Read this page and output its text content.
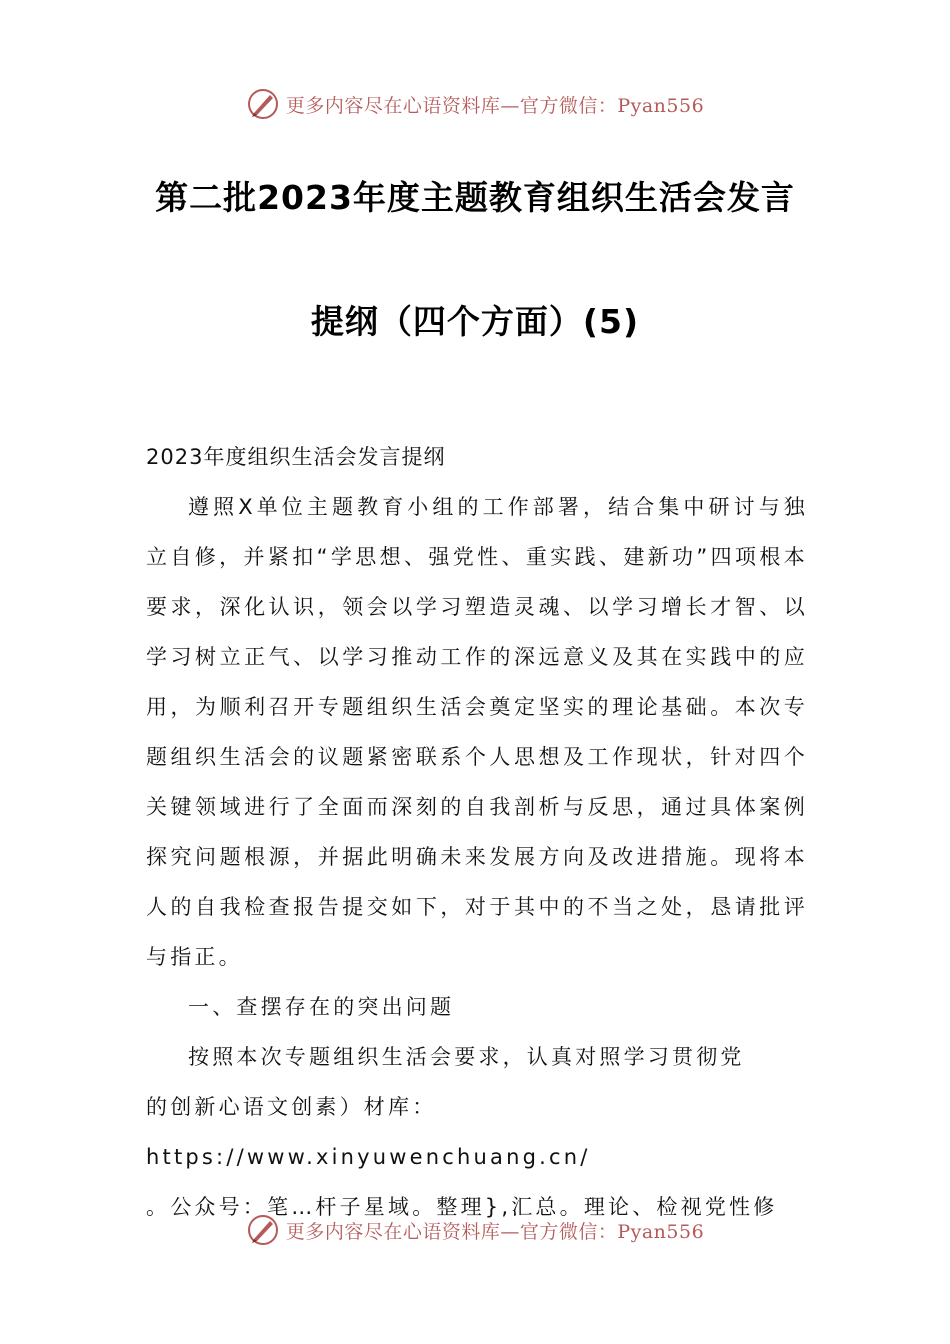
更多内容尽在心语资料库—官方微信：Pyan556
第二批2023年度主题教育组织生活会发言
提纲（四个方面）(5)

2023年度组织生活会发言提纲

遵照X单位主题教育小组的工作部署，结合集中研讨与独立自修，并紧扣“学思想、强党性、重实践、建新功”四项根本要求，深化认识，领会以学习塑造灵魂、以学习增长才智、以学习树立正气、以学习推动工作的深远意义及其在实践中的应用，为顺利召开专题组织生活会奠定坚实的理论基础。本次专题组织生活会的议题紧密联系个人思想及工作现状，针对四个关键领域进行了全面而深刻的自我剖析与反思，通过具体案例探究问题根源，并据此明确未来发展方向及改进措施。现将本人的自我检查报告提交如下，对于其中的不当之处，恳请批评与指正。

一、查摆存在的突出问题

按照本次专题组织生活会要求，认真对照学习贯彻党

的创新心语文创素）材库：https://www.xinyuwenchuang.cn/

。公众号：笔…杆子星域。整理},汇总。理论、检视党性修

更多内容尽在心语资料库—官方微信：Pyan556
